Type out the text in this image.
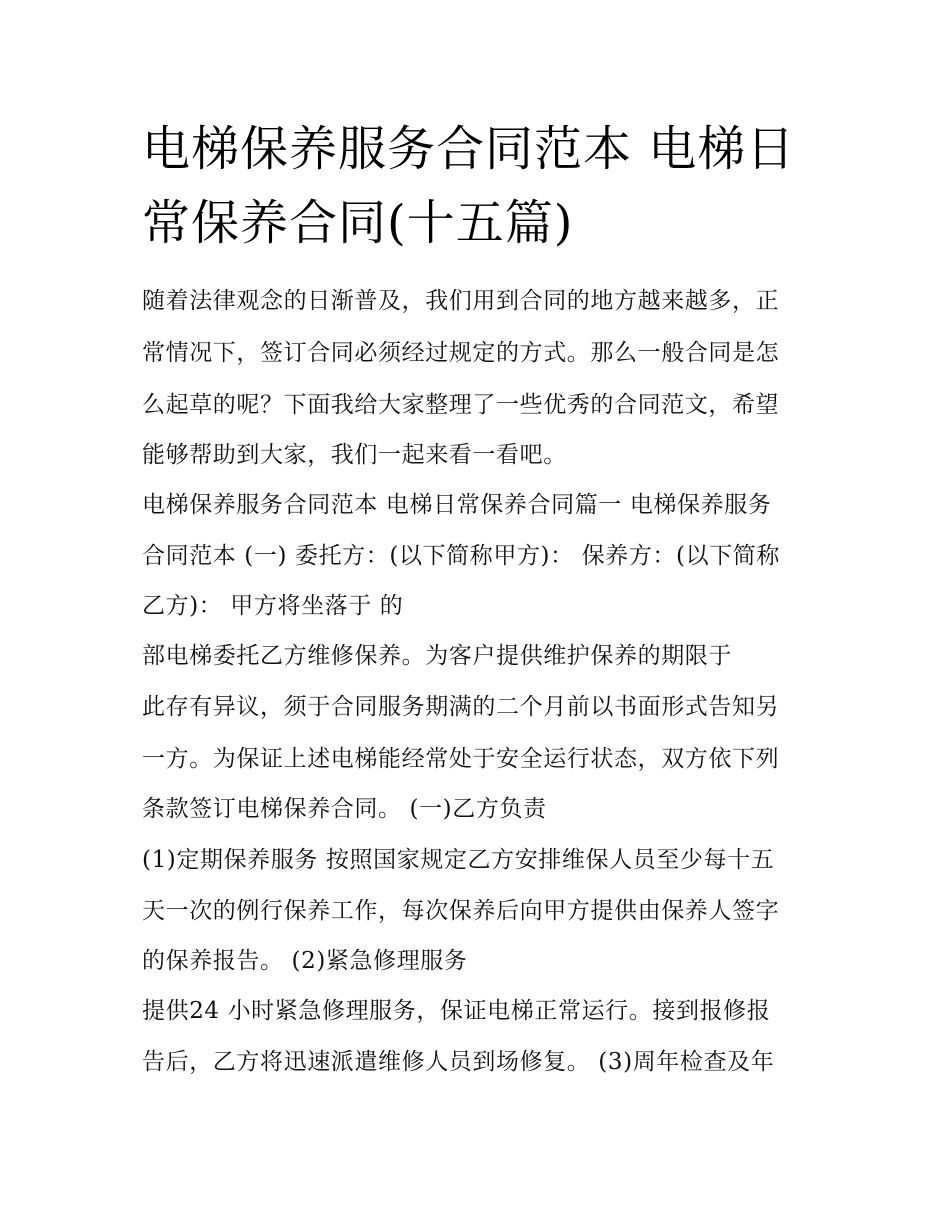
电梯保养服务合同范本 电梯日常保养合同(十五篇)
随着法律观念的日渐普及，我们用到合同的地方越来越多，正
常情况下，签订合同必须经过规定的方式。那么一般合同是怎
么起草的呢？下面我给大家整理了一些优秀的合同范文，希望
能够帮助到大家，我们一起来看一看吧。
电梯保养服务合同范本 电梯日常保养合同篇一 电梯保养服务
合同范本 (一) 委托方：(以下简称甲方)： 保养方：(以下简称
乙方)： 甲方将坐落于 的
部电梯委托乙方维修保养。为客户提供维护保养的期限于
此存有异议，须于合同服务期满的二个月前以书面形式告知另
一方。为保证上述电梯能经常处于安全运行状态，双方依下列
条款签订电梯保养合同。 (一)乙方负责
(1)定期保养服务 按照国家规定乙方安排维保人员至少每十五
天一次的例行保养工作，每次保养后向甲方提供由保养人签字
的保养报告。 (2)紧急修理服务
提供24 小时紧急修理服务，保证电梯正常运行。接到报修报
告后，乙方将迅速派遣维修人员到场修复。 (3)周年检查及年
